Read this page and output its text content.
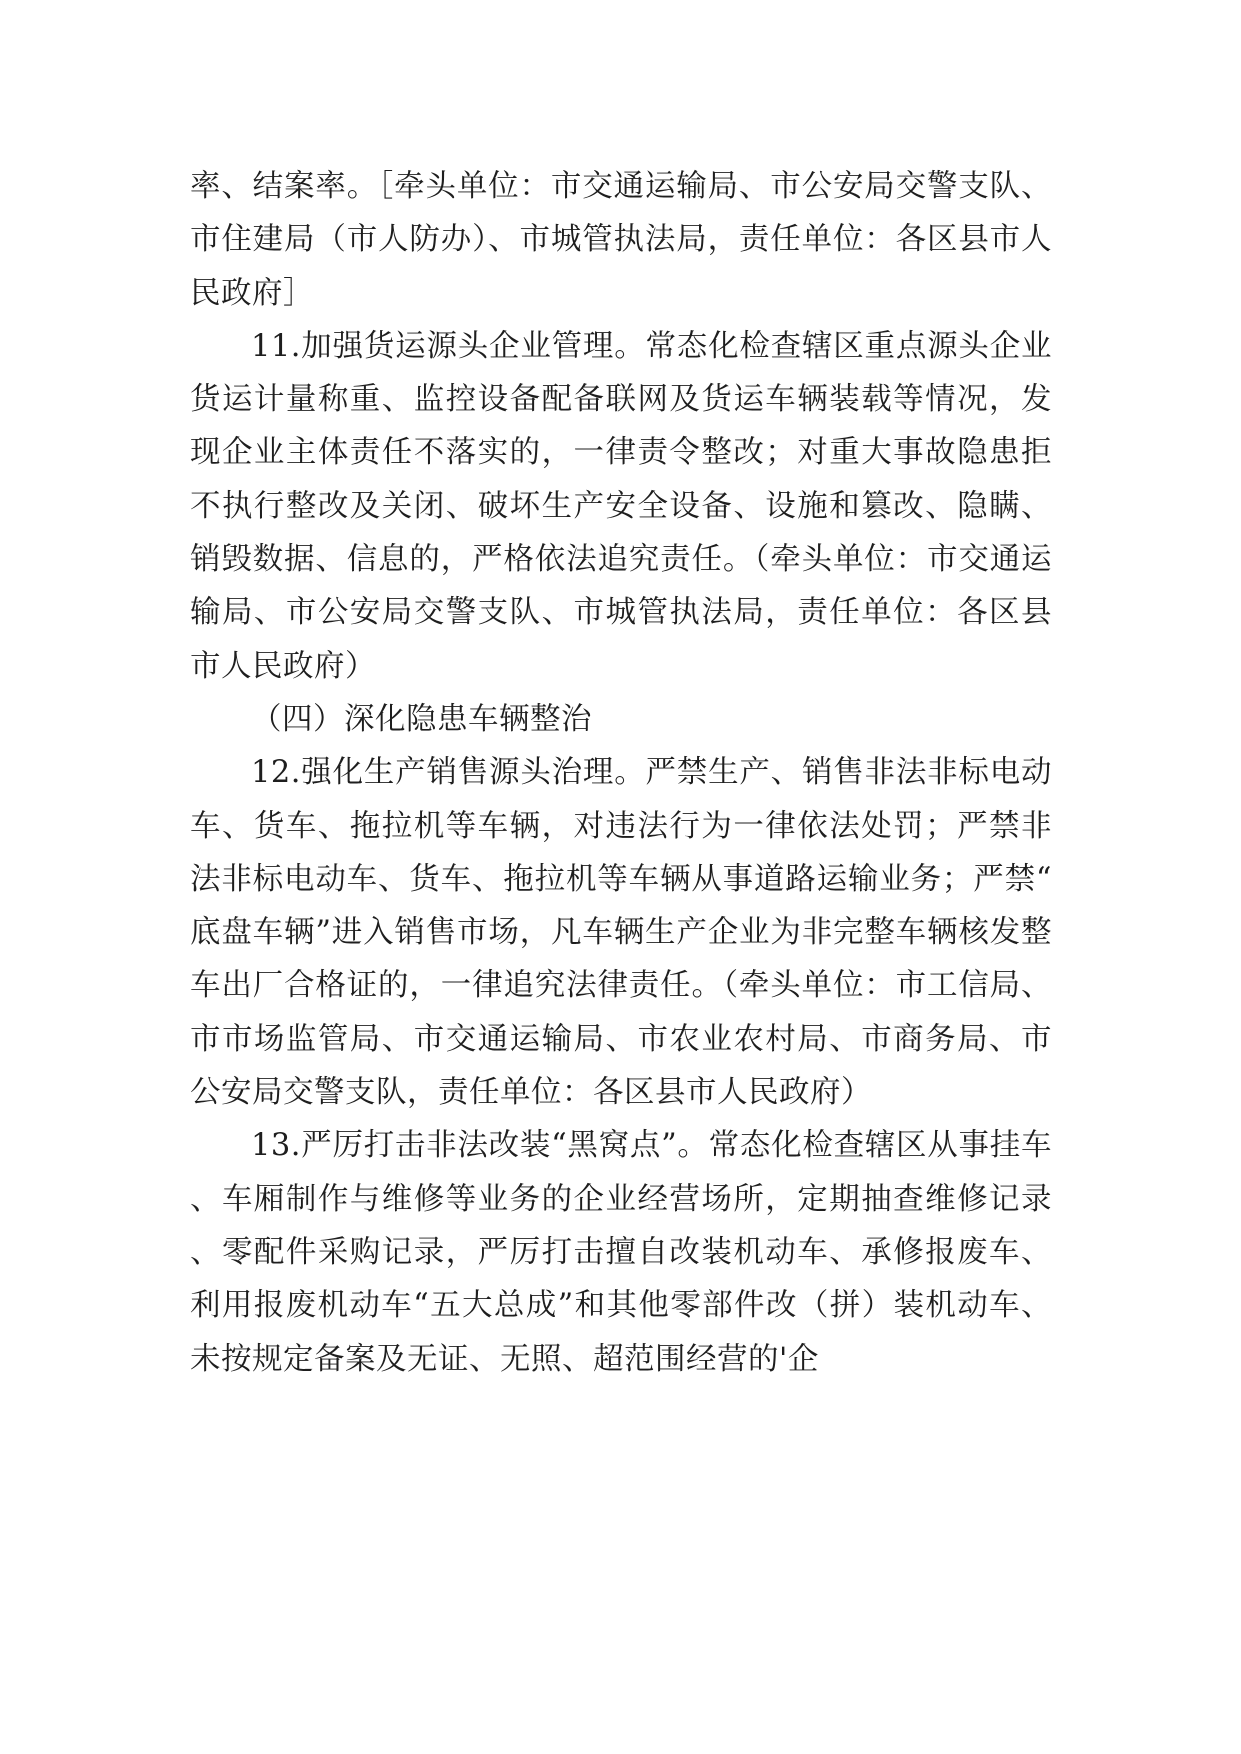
率、结案率。［牵头单位：市交通运输局、市公安局交警支队、市住建局（市人防办）、市城管执法局，责任单位：各区县市人民政府］

11.加强货运源头企业管理。常态化检查辖区重点源头企业货运计量称重、监控设备配备联网及货运车辆装载等情况，发现企业主体责任不落实的，一律责令整改；对重大事故隐患拒不执行整改及关闭、破坏生产安全设备、设施和篡改、隐瞒、销毁数据、信息的，严格依法追究责任。（牵头单位：市交通运输局、市公安局交警支队、市城管执法局，责任单位：各区县市人民政府）

（四）深化隐患车辆整治

12.强化生产销售源头治理。严禁生产、销售非法非标电动车、货车、拖拉机等车辆，对违法行为一律依法处罚；严禁非法非标电动车、货车、拖拉机等车辆从事道路运输业务；严禁“底盘车辆”进入销售市场，凡车辆生产企业为非完整车辆核发整车出厂合格证的，一律追究法律责任。（牵头单位：市工信局、市市场监管局、市交通运输局、市农业农村局、市商务局、市公安局交警支队，责任单位：各区县市人民政府）

13.严厉打击非法改装“黑窝点”。常态化检查辖区从事挂车、车厢制作与维修等业务的企业经营场所，定期抽查维修记录、零配件采购记录，严厉打击擅自改装机动车、承修报废车、利用报废机动车“五大总成”和其他零部件改（拼）装机动车、未按规定备案及无证、无照、超范围经营的'企
